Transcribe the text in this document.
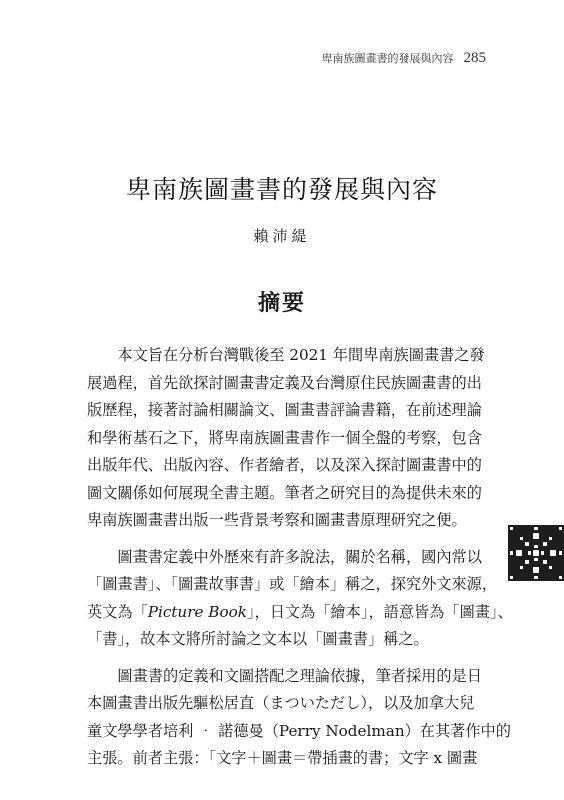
卑南族圖畫書的發展與內容 285
卑南族圖畫書的發展與內容
賴沛緹
摘要

本文旨在分析台灣戰後至 2021 年間卑南族圖畫書之發
展過程，首先欲探討圖畫書定義及台灣原住民族圖畫書的出
版歷程，接著討論相關論文、圖畫書評論書籍，在前述理論
和學術基石之下，將卑南族圖畫書作一個全盤的考察，包含
出版年代、出版內容、作者繪者，以及深入探討圖畫書中的
圖文關係如何展現全書主題。筆者之研究目的為提供未來的
卑南族圖畫書出版一些背景考察和圖畫書原理研究之便。

圖畫書定義中外歷來有許多說法，關於名稱，國內常以
「圖畫書」、「圖畫故事書」或「繪本」稱之，探究外文來源，
英文為「Picture Book」，日文為「繪本」，語意皆為「圖畫」、
「書」，故本文將所討論之文本以「圖畫書」稱之。

圖畫書的定義和文圖搭配之理論依據，筆者採用的是日
本圖畫書出版先驅松居直（まついただし），以及加拿大兒
童文學學者培利 ‧ 諾德曼（Perry Nodelman）在其著作中的
主張。前者主張：「文字＋圖畫＝帶插畫的書；文字 x 圖畫
